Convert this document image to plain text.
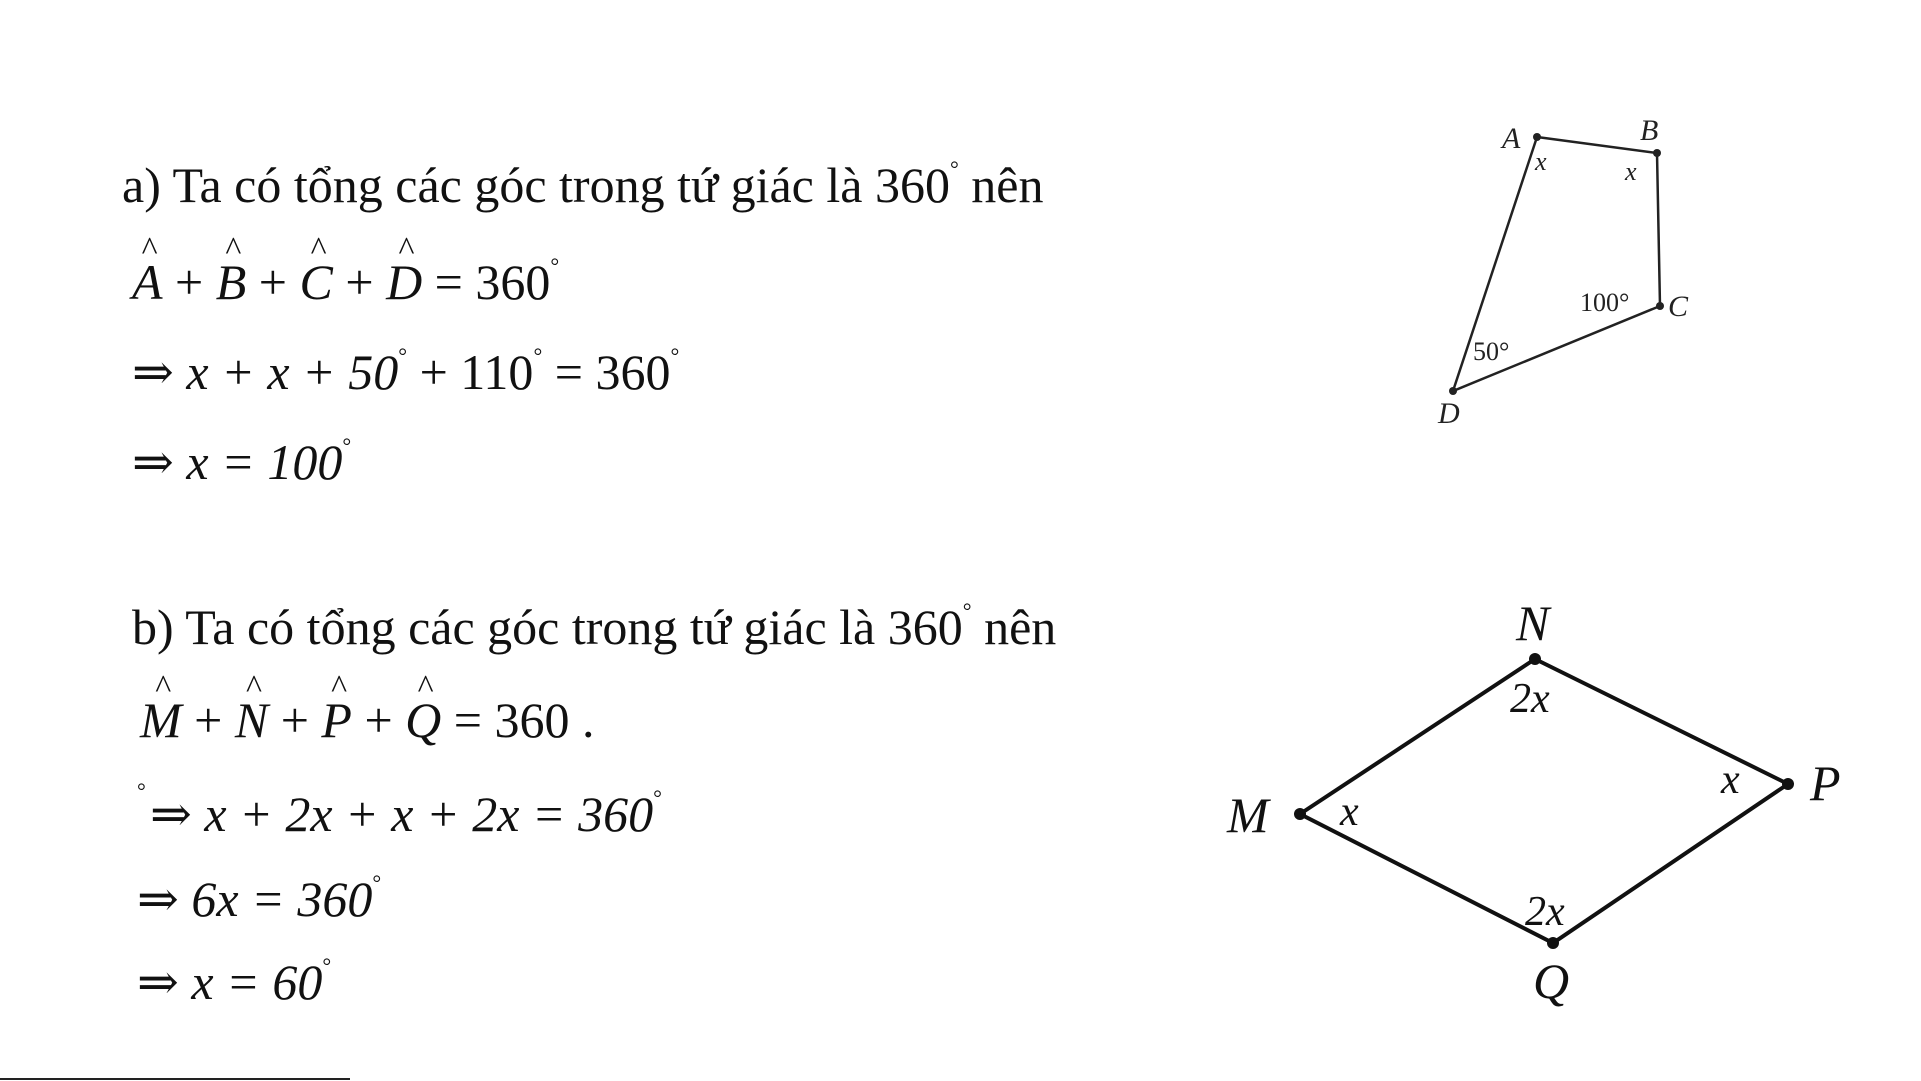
a) Ta có tổng các góc trong tứ giác là 360° nên
^ A + ^ B + ^ C + ^ D = 360°
⇒ x + x + 50° + 110° = 360°
⇒ x = 100°
b) Ta có tổng các góc trong tứ giác là 360° nên
^ M + ^ N + ^ P + ^ Q = 360 .
° ⇒ x + 2x + x + 2x = 360°
⇒ 6x = 360°
⇒ x = 60°
A	B
C
D
x	x
100°
50°
M
N
P
Q
x
2x
x
2x
